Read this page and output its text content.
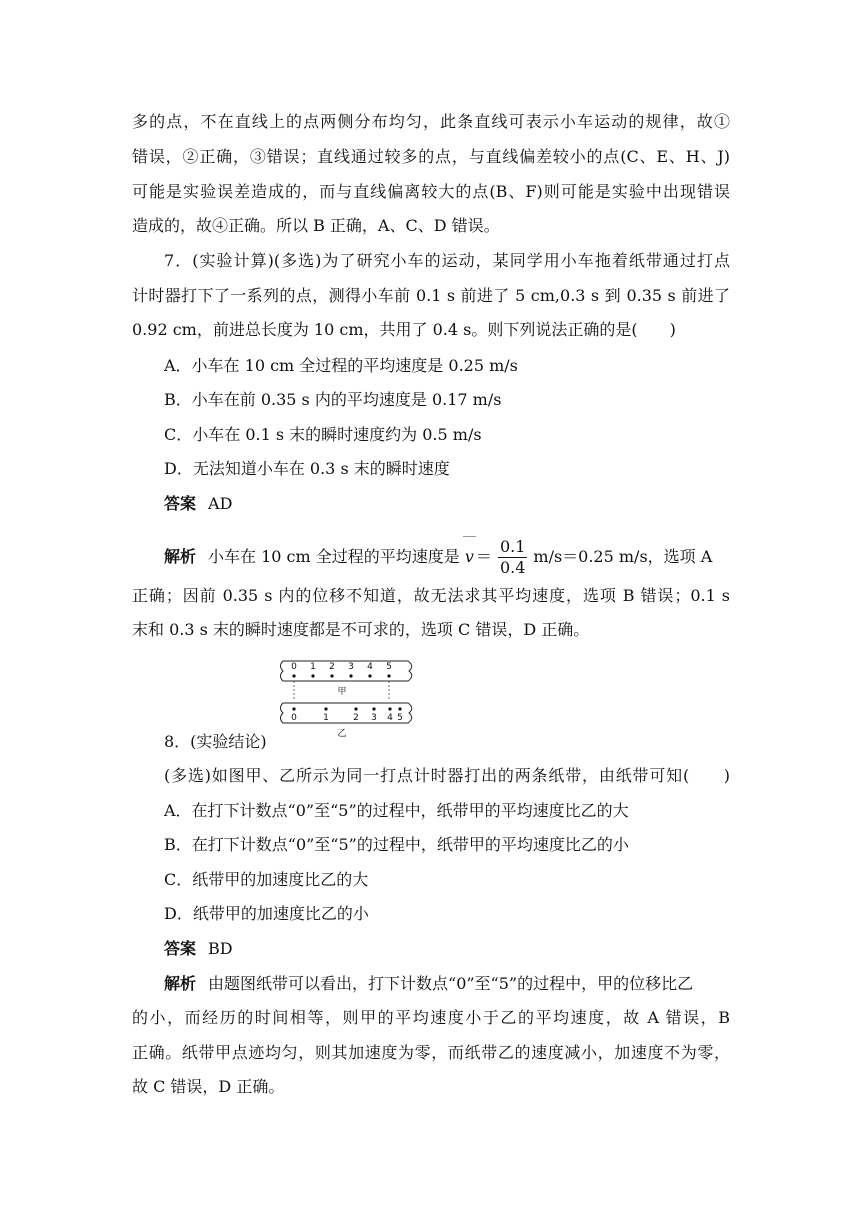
多的点，不在直线上的点两侧分布均匀，此条直线可表示小车运动的规律，故①
错误，②正确，③错误；直线通过较多的点，与直线偏差较小的点(C、E、H、J)
可能是实验误差造成的，而与直线偏离较大的点(B、F)则可能是实验中出现错误
造成的，故④正确。所以 B 正确，A、C、D 错误。
7．(实验计算)(多选)为了研究小车的运动，某同学用小车拖着纸带通过打点
计时器打下了一系列的点，测得小车前 0.1 s 前进了 5 cm,0.3 s 到 0.35 s 前进了
0.92 cm，前进总长度为 10 cm，共用了 0.4 s。则下列说法正确的是(　　)
A．小车在 10 cm 全过程的平均速度是 0.25 m/s
B．小车在前 0.35 s 内的平均速度是 0.17 m/s
C．小车在 0.1 s 末的瞬时速度约为 0.5 m/s
D．无法知道小车在 0.3 s 末的瞬时速度
答案 AD
解析 小车在 10 cm 全过程的平均速度是 $v = \frac{0.1}{0.4} m/s=0.25$ m/s，选项 A
正确；因前 0.35 s 内的位移不知道，故无法求其平均速度，选项 B 错误；0.1 s
末和 0.3 s 末的瞬时速度都是不可求的，选项 C 错误，D 正确。
0 1 2 3 4 5
甲
0	1	2 3 4 5
乙
8．(实验结论)
(多选)如图甲、乙所示为同一打点计时器打出的两条纸带，由纸带可知(　　)
A．在打下计数点“0”至“5”的过程中，纸带甲的平均速度比乙的大
B．在打下计数点“0”至“5”的过程中，纸带甲的平均速度比乙的小
C．纸带甲的加速度比乙的大
D．纸带甲的加速度比乙的小
答案 BD
解析 由题图纸带可以看出，打下计数点“0”至“5”的过程中，甲的位移比乙
的小，而经历的时间相等，则甲的平均速度小于乙的平均速度，故 A 错误，B
正确。纸带甲点迹均匀，则其加速度为零，而纸带乙的速度减小，加速度不为零，
故 C 错误，D 正确。
